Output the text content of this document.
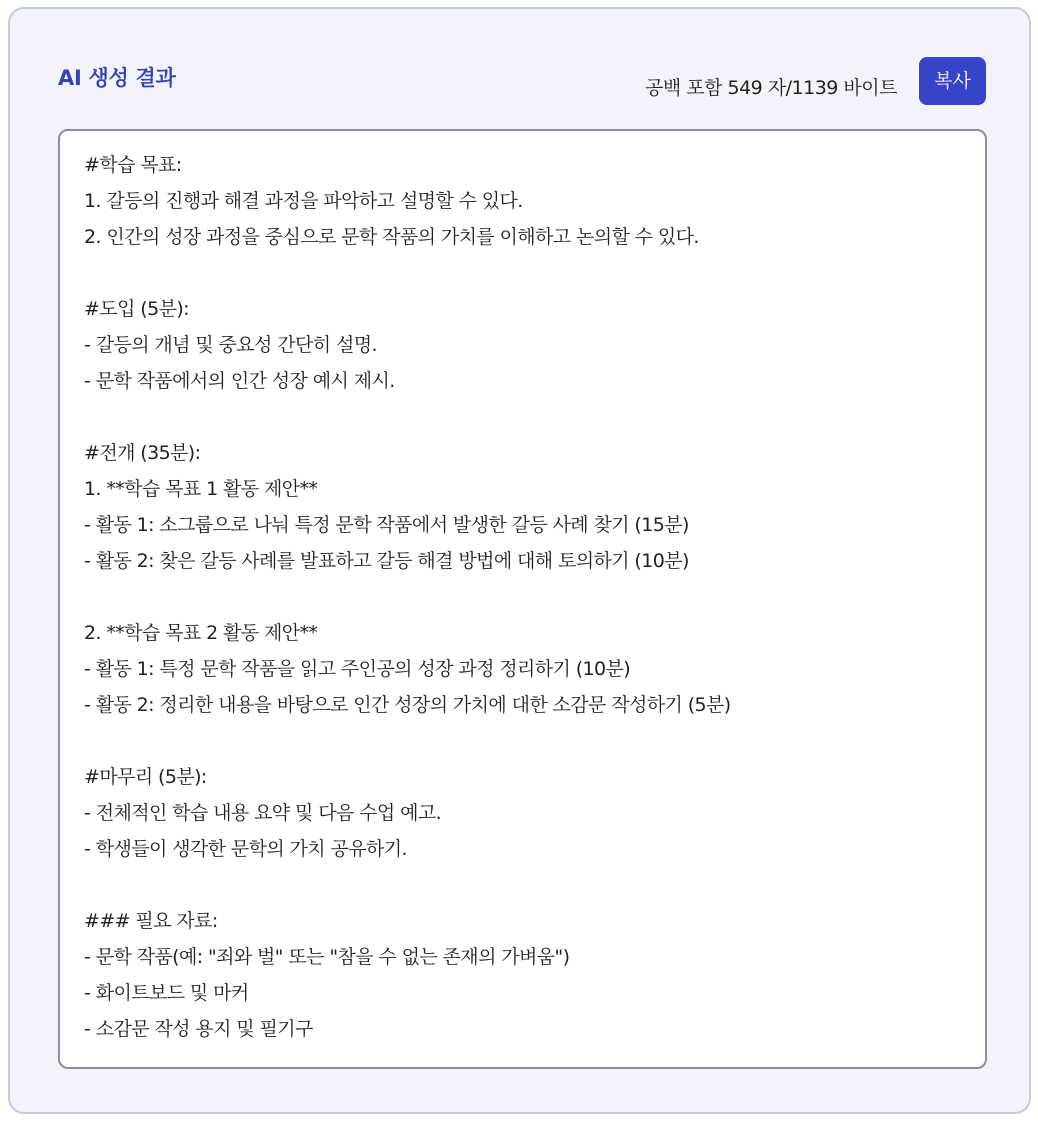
AI 생성 결과	공백 포함 549 자/1139 바이트	복사
#학습 목표:
1. 갈등의 진행과 해결 과정을 파악하고 설명할 수 있다.
2. 인간의 성장 과정을 중심으로 문학 작품의 가치를 이해하고 논의할 수 있다.
#도입 (5분):
- 갈등의 개념 및 중요성 간단히 설명.
- 문학 작품에서의 인간 성장 예시 제시.
#전개 (35분):
1. **학습 목표 1 활동 제안**
- 활동 1: 소그룹으로 나눠 특정 문학 작품에서 발생한 갈등 사례 찾기 (15분)
- 활동 2: 찾은 갈등 사례를 발표하고 갈등 해결 방법에 대해 토의하기 (10분)
2. **학습 목표 2 활동 제안**
- 활동 1: 특정 문학 작품을 읽고 주인공의 성장 과정 정리하기 (10분)
- 활동 2: 정리한 내용을 바탕으로 인간 성장의 가치에 대한 소감문 작성하기 (5분)
#마무리 (5분):
- 전체적인 학습 내용 요약 및 다음 수업 예고.
- 학생들이 생각한 문학의 가치 공유하기.
### 필요 자료:
- 문학 작품(예: "죄와 벌" 또는 "참을 수 없는 존재의 가벼움")
- 화이트보드 및 마커
- 소감문 작성 용지 및 필기구
